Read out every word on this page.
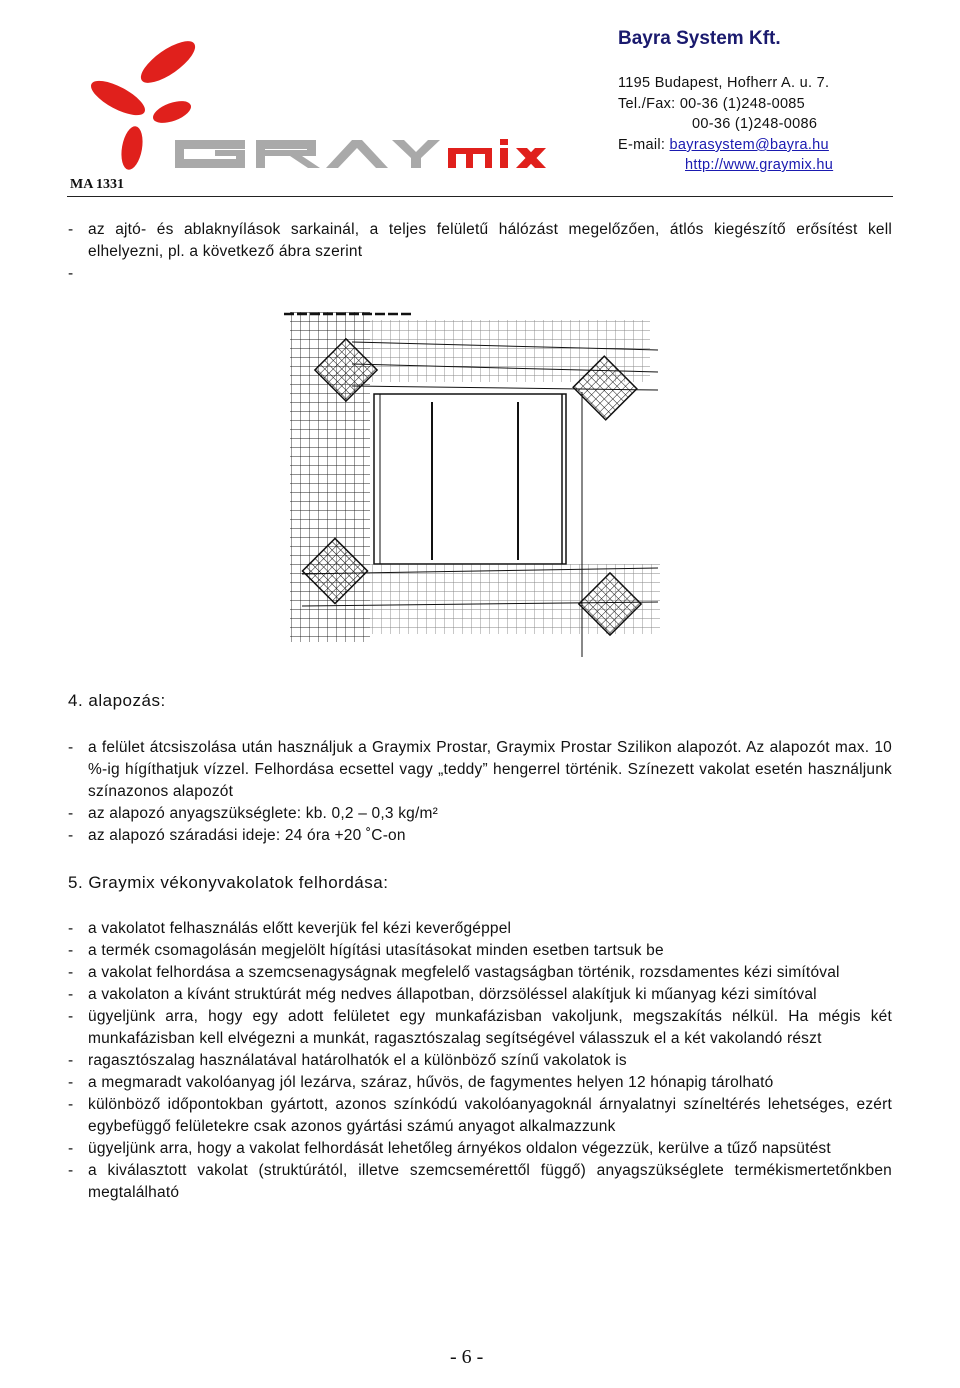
MA 1331
Bayra System Kft.
1195 Budapest, Hofherr A. u. 7.
Tel./Fax: 00-36 (1)248-0085
00-36 (1)248-0086
E-mail: bayrasystem@bayra.hu
http://www.graymix.hu
- az ajtó- és ablaknyílások sarkainál, a teljes felületű hálózást megelőzően, átlós kiegészítő erősítést kell elhelyezni, pl. a következő ábra szerint
-
4. alapozás:
- a felület átcsiszolása után használjuk a Graymix Prostar, Graymix Prostar Szilikon alapozót. Az alapozót max. 10 %-ig hígíthatjuk vízzel. Felhordása ecsettel vagy „teddy” hengerrel történik. Színezett vakolat esetén használjunk színazonos alapozót
- az alapozó anyagszükséglete: kb. 0,2 – 0,3 kg/m²
- az alapozó száradási ideje: 24 óra +20 ˚C-on
5. Graymix vékonyvakolatok felhordása:
- a vakolatot felhasználás előtt keverjük fel kézi keverőgéppel
- a termék csomagolásán megjelölt hígítási utasításokat minden esetben tartsuk be
- a vakolat felhordása a szemcsenagyságnak megfelelő vastagságban történik, rozsdamentes kézi simítóval
- a vakolaton a kívánt struktúrát még nedves állapotban, dörzsöléssel alakítjuk ki műanyag kézi simítóval
- ügyeljünk arra, hogy egy adott felületet egy munkafázisban vakoljunk, megszakítás nélkül. Ha mégis két munkafázisban kell elvégezni a munkát, ragasztószalag segítségével válasszuk el a két vakolandó részt
- ragasztószalag használatával határolhatók el a különböző színű vakolatok is
- a megmaradt vakolóanyag jól lezárva, száraz, hűvös, de fagymentes helyen 12 hónapig tárolható
- különböző időpontokban gyártott, azonos színkódú vakolóanyagoknál árnyalatnyi színeltérés lehetséges, ezért egybefüggő felületekre csak azonos gyártási számú anyagot alkalmazzunk
- ügyeljünk arra, hogy a vakolat felhordását lehetőleg árnyékos oldalon végezzük, kerülve a tűző napsütést
- a kiválasztott vakolat (struktúrától, illetve szemcsemérettől függő) anyagszükséglete termékismertetőnkben megtalálható
- 6 -
